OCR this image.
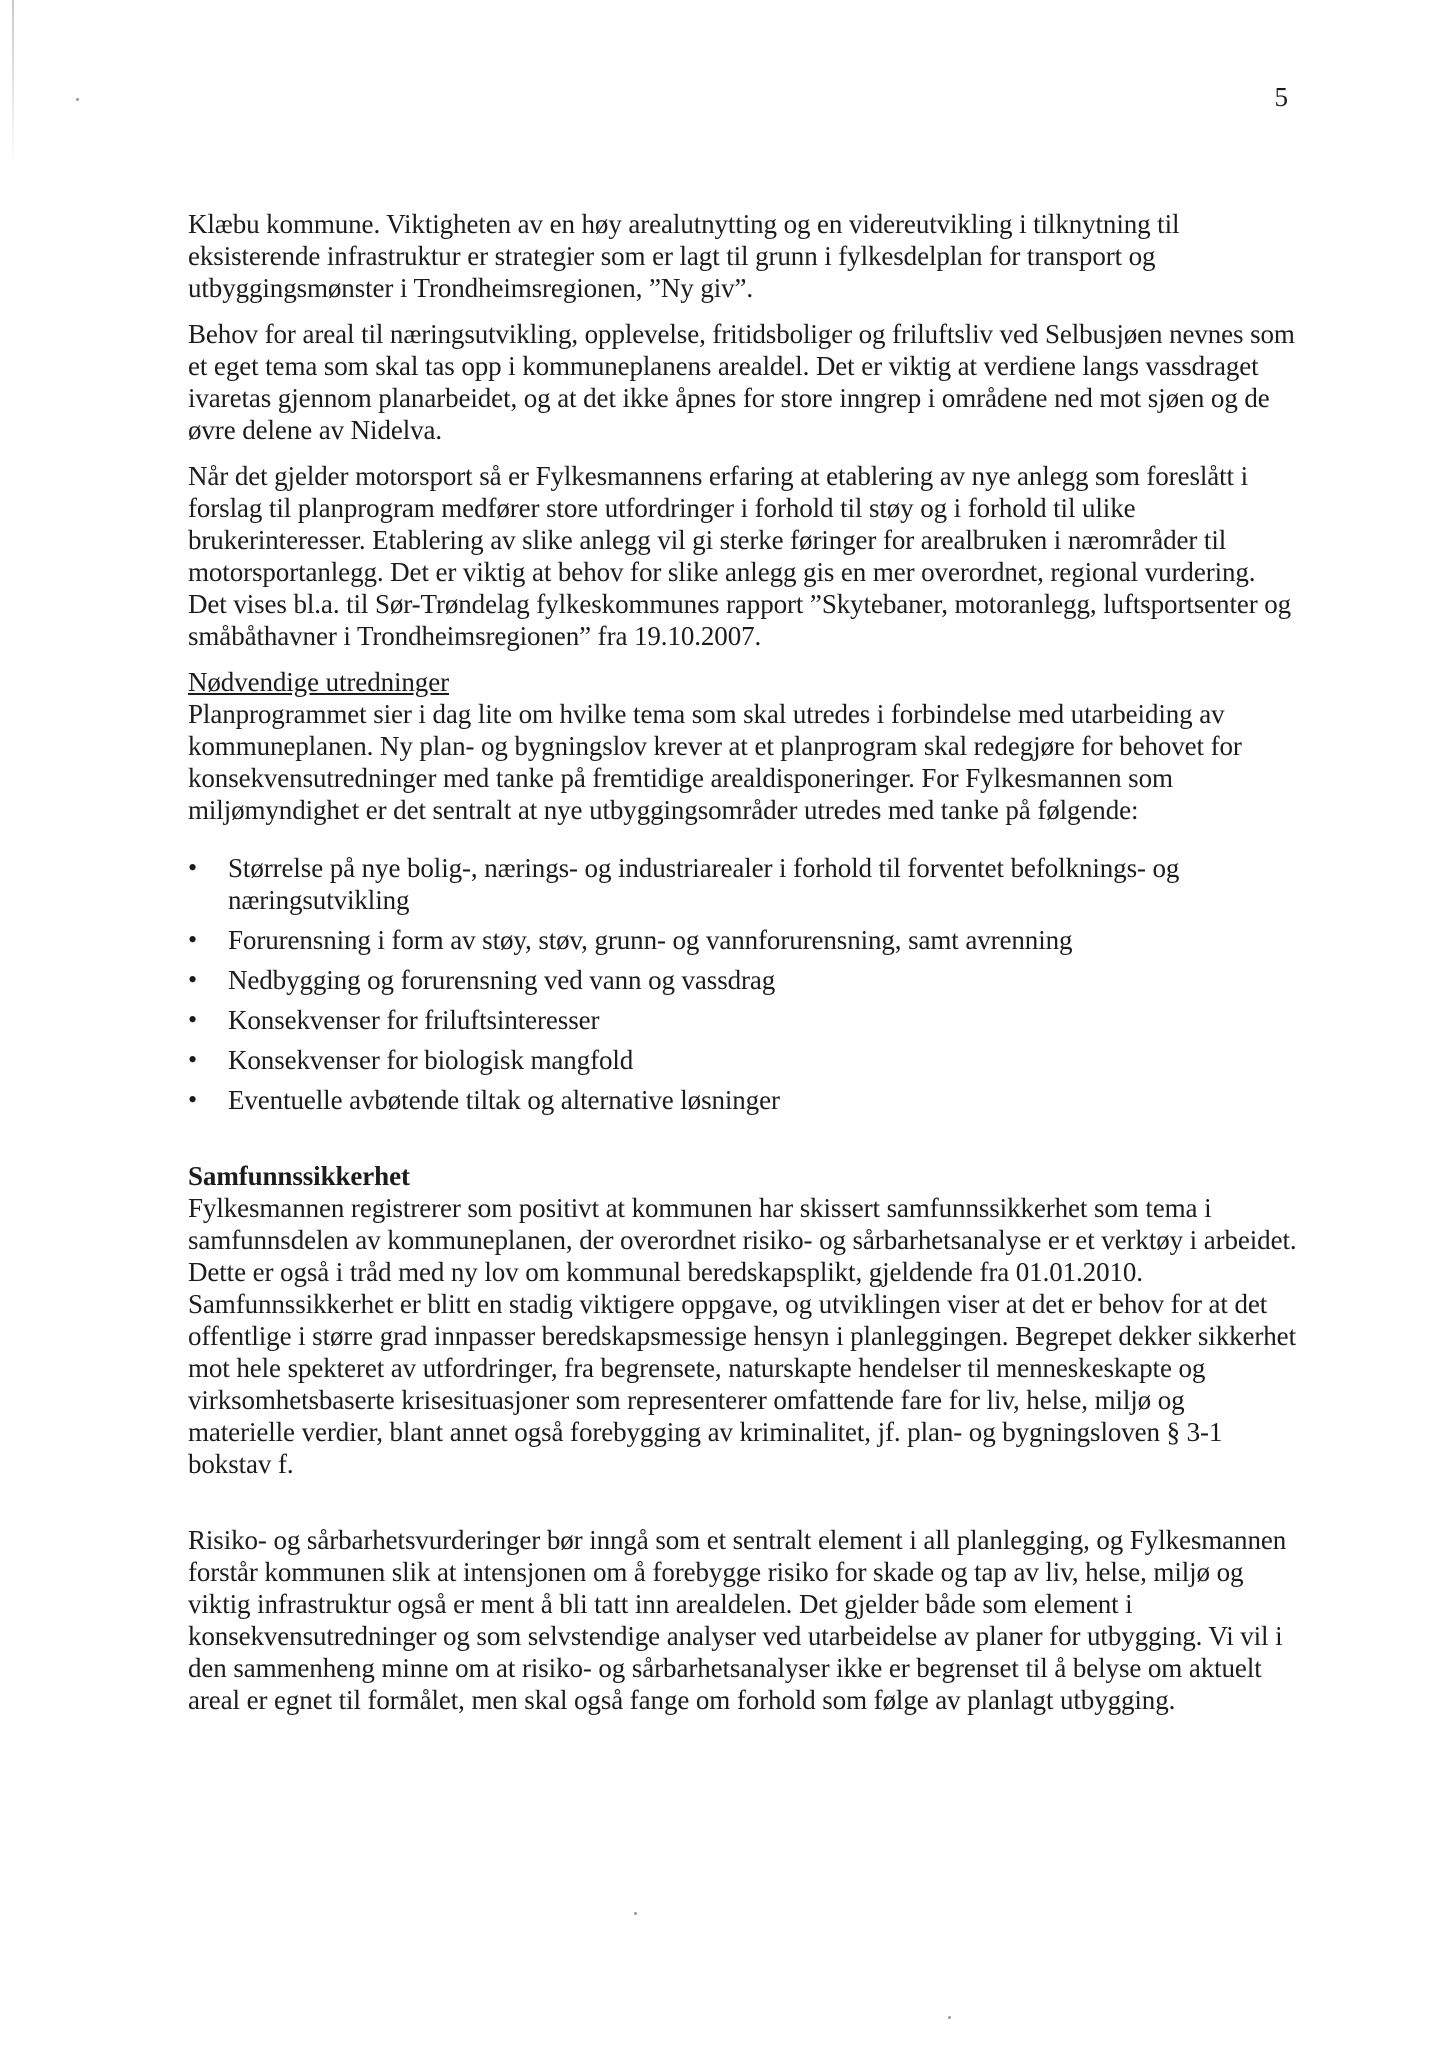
5

Klæbu kommune. Viktigheten av en høy arealutnytting og en videreutvikling i tilknytning til eksisterende infrastruktur er strategier som er lagt til grunn i fylkesdelplan for transport og utbyggingsmønster i Trondheimsregionen, ”Ny giv”.

Behov for areal til næringsutvikling, opplevelse, fritidsboliger og friluftsliv ved Selbusjøen nevnes som et eget tema som skal tas opp i kommuneplanens arealdel. Det er viktig at verdiene langs vassdraget ivaretas gjennom planarbeidet, og at det ikke åpnes for store inngrep i områdene ned mot sjøen og de øvre delene av Nidelva.

Når det gjelder motorsport så er Fylkesmannens erfaring at etablering av nye anlegg som foreslått i forslag til planprogram medfører store utfordringer i forhold til støy og i forhold til ulike brukerinteresser. Etablering av slike anlegg vil gi sterke føringer for arealbruken i nærområder til motorsportanlegg. Det er viktig at behov for slike anlegg gis en mer overordnet, regional vurdering. Det vises bl.a. til Sør-Trøndelag fylkeskommunes rapport ”Skytebaner, motoranlegg, luftsportsenter og småbåthavner i Trondheimsregionen” fra 19.10.2007.

Nødvendige utredninger

Planprogrammet sier i dag lite om hvilke tema som skal utredes i forbindelse med utarbeiding av kommuneplanen. Ny plan- og bygningslov krever at et planprogram skal redegjøre for behovet for konsekvensutredninger med tanke på fremtidige arealdisponeringer. For Fylkesmannen som miljømyndighet er det sentralt at nye utbyggingsområder utredes med tanke på følgende:

• Størrelse på nye bolig-, nærings- og industriarealer i forhold til forventet befolknings- og næringsutvikling
• Forurensning i form av støy, støv, grunn- og vannforurensning, samt avrenning
• Nedbygging og forurensning ved vann og vassdrag
• Konsekvenser for friluftsinteresser
• Konsekvenser for biologisk mangfold
• Eventuelle avbøtende tiltak og alternative løsninger
Samfunnssikkerhet

Fylkesmannen registrerer som positivt at kommunen har skissert samfunnssikkerhet som tema i samfunnsdelen av kommuneplanen, der overordnet risiko- og sårbarhetsanalyse er et verktøy i arbeidet. Dette er også i tråd med ny lov om kommunal beredskapsplikt, gjeldende fra 01.01.2010. Samfunnssikkerhet er blitt en stadig viktigere oppgave, og utviklingen viser at det er behov for at det offentlige i større grad innpasser beredskapsmessige hensyn i planleggingen. Begrepet dekker sikkerhet mot hele spekteret av utfordringer, fra begrensete, naturskapte hendelser til menneskeskapte og virksomhetsbaserte krisesituasjoner som representerer omfattende fare for liv, helse, miljø og materielle verdier, blant annet også forebygging av kriminalitet, jf. plan- og bygningsloven § 3-1 bokstav f.

Risiko- og sårbarhetsvurderinger bør inngå som et sentralt element i all planlegging, og Fylkesmannen forstår kommunen slik at intensjonen om å forebygge risiko for skade og tap av liv, helse, miljø og viktig infrastruktur også er ment å bli tatt inn arealdelen. Det gjelder både som element i konsekvensutredninger og som selvstendige analyser ved utarbeidelse av planer for utbygging. Vi vil i den sammenheng minne om at risiko- og sårbarhetsanalyser ikke er begrenset til å belyse om aktuelt areal er egnet til formålet, men skal også fange om forhold som følge av planlagt utbygging.
